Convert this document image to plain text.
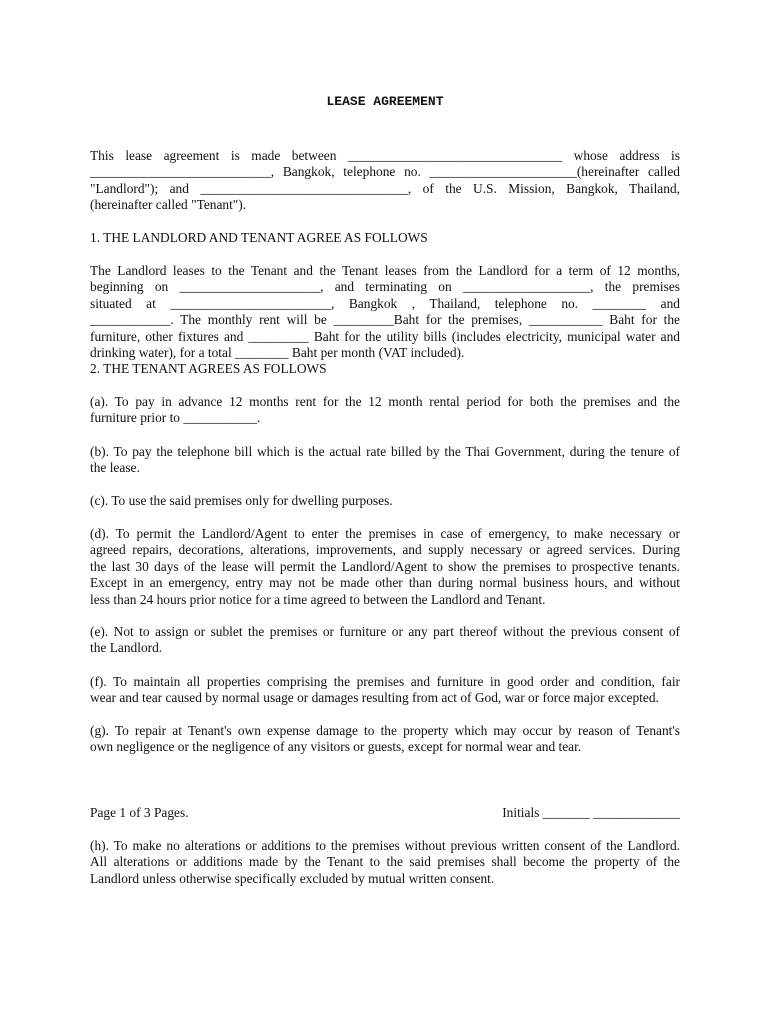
LEASE AGREEMENT
This lease agreement is made between ________________________________ whose address is
___________________________, Bangkok, telephone no. ______________________(hereinafter called
"Landlord"); and _______________________________, of the U.S. Mission, Bangkok, Thailand,
(hereinafter called "Tenant").
1. THE LANDLORD AND TENANT AGREE AS FOLLOWS
The Landlord leases to the Tenant and the Tenant leases from the Landlord for a term of 12 months,
beginning on _____________________, and terminating on ___________________, the premises
situated at ________________________, Bangkok , Thailand, telephone no. ________ and
____________. The monthly rent will be _________Baht for the premises, ___________ Baht for the
furniture, other fixtures and _________ Baht for the utility bills (includes electricity, municipal water and
drinking water), for a total ________ Baht per month (VAT included).
2. THE TENANT AGREES AS FOLLOWS
(a). To pay in advance 12 months rent for the 12 month rental period for both the premises and the
furniture prior to ___________.
(b). To pay the telephone bill which is the actual rate billed by the Thai Government, during the tenure of
the lease.
(c). To use the said premises only for dwelling purposes.
(d). To permit the Landlord/Agent to enter the premises in case of emergency, to make necessary or
agreed repairs, decorations, alterations, improvements, and supply necessary or agreed services. During
the last 30 days of the lease will permit the Landlord/Agent to show the premises to prospective tenants.
Except in an emergency, entry may not be made other than during normal business hours, and without
less than 24 hours prior notice for a time agreed to between the Landlord and Tenant.
(e). Not to assign or sublet the premises or furniture or any part thereof without the previous consent of
the Landlord.
(f). To maintain all properties comprising the premises and furniture in good order and condition, fair
wear and tear caused by normal usage or damages resulting from act of God, war or force major excepted.
(g). To repair at Tenant's own expense damage to the property which may occur by reason of Tenant's
own negligence or the negligence of any visitors or guests, except for normal wear and tear.
(h). To make no alterations or additions to the premises without previous written consent of the Landlord.
All alterations or additions made by the Tenant to the said premises shall become the property of the
Landlord unless otherwise specifically excluded by mutual written consent.
Page 1 of 3 Pages.	Initials _______ _____________
